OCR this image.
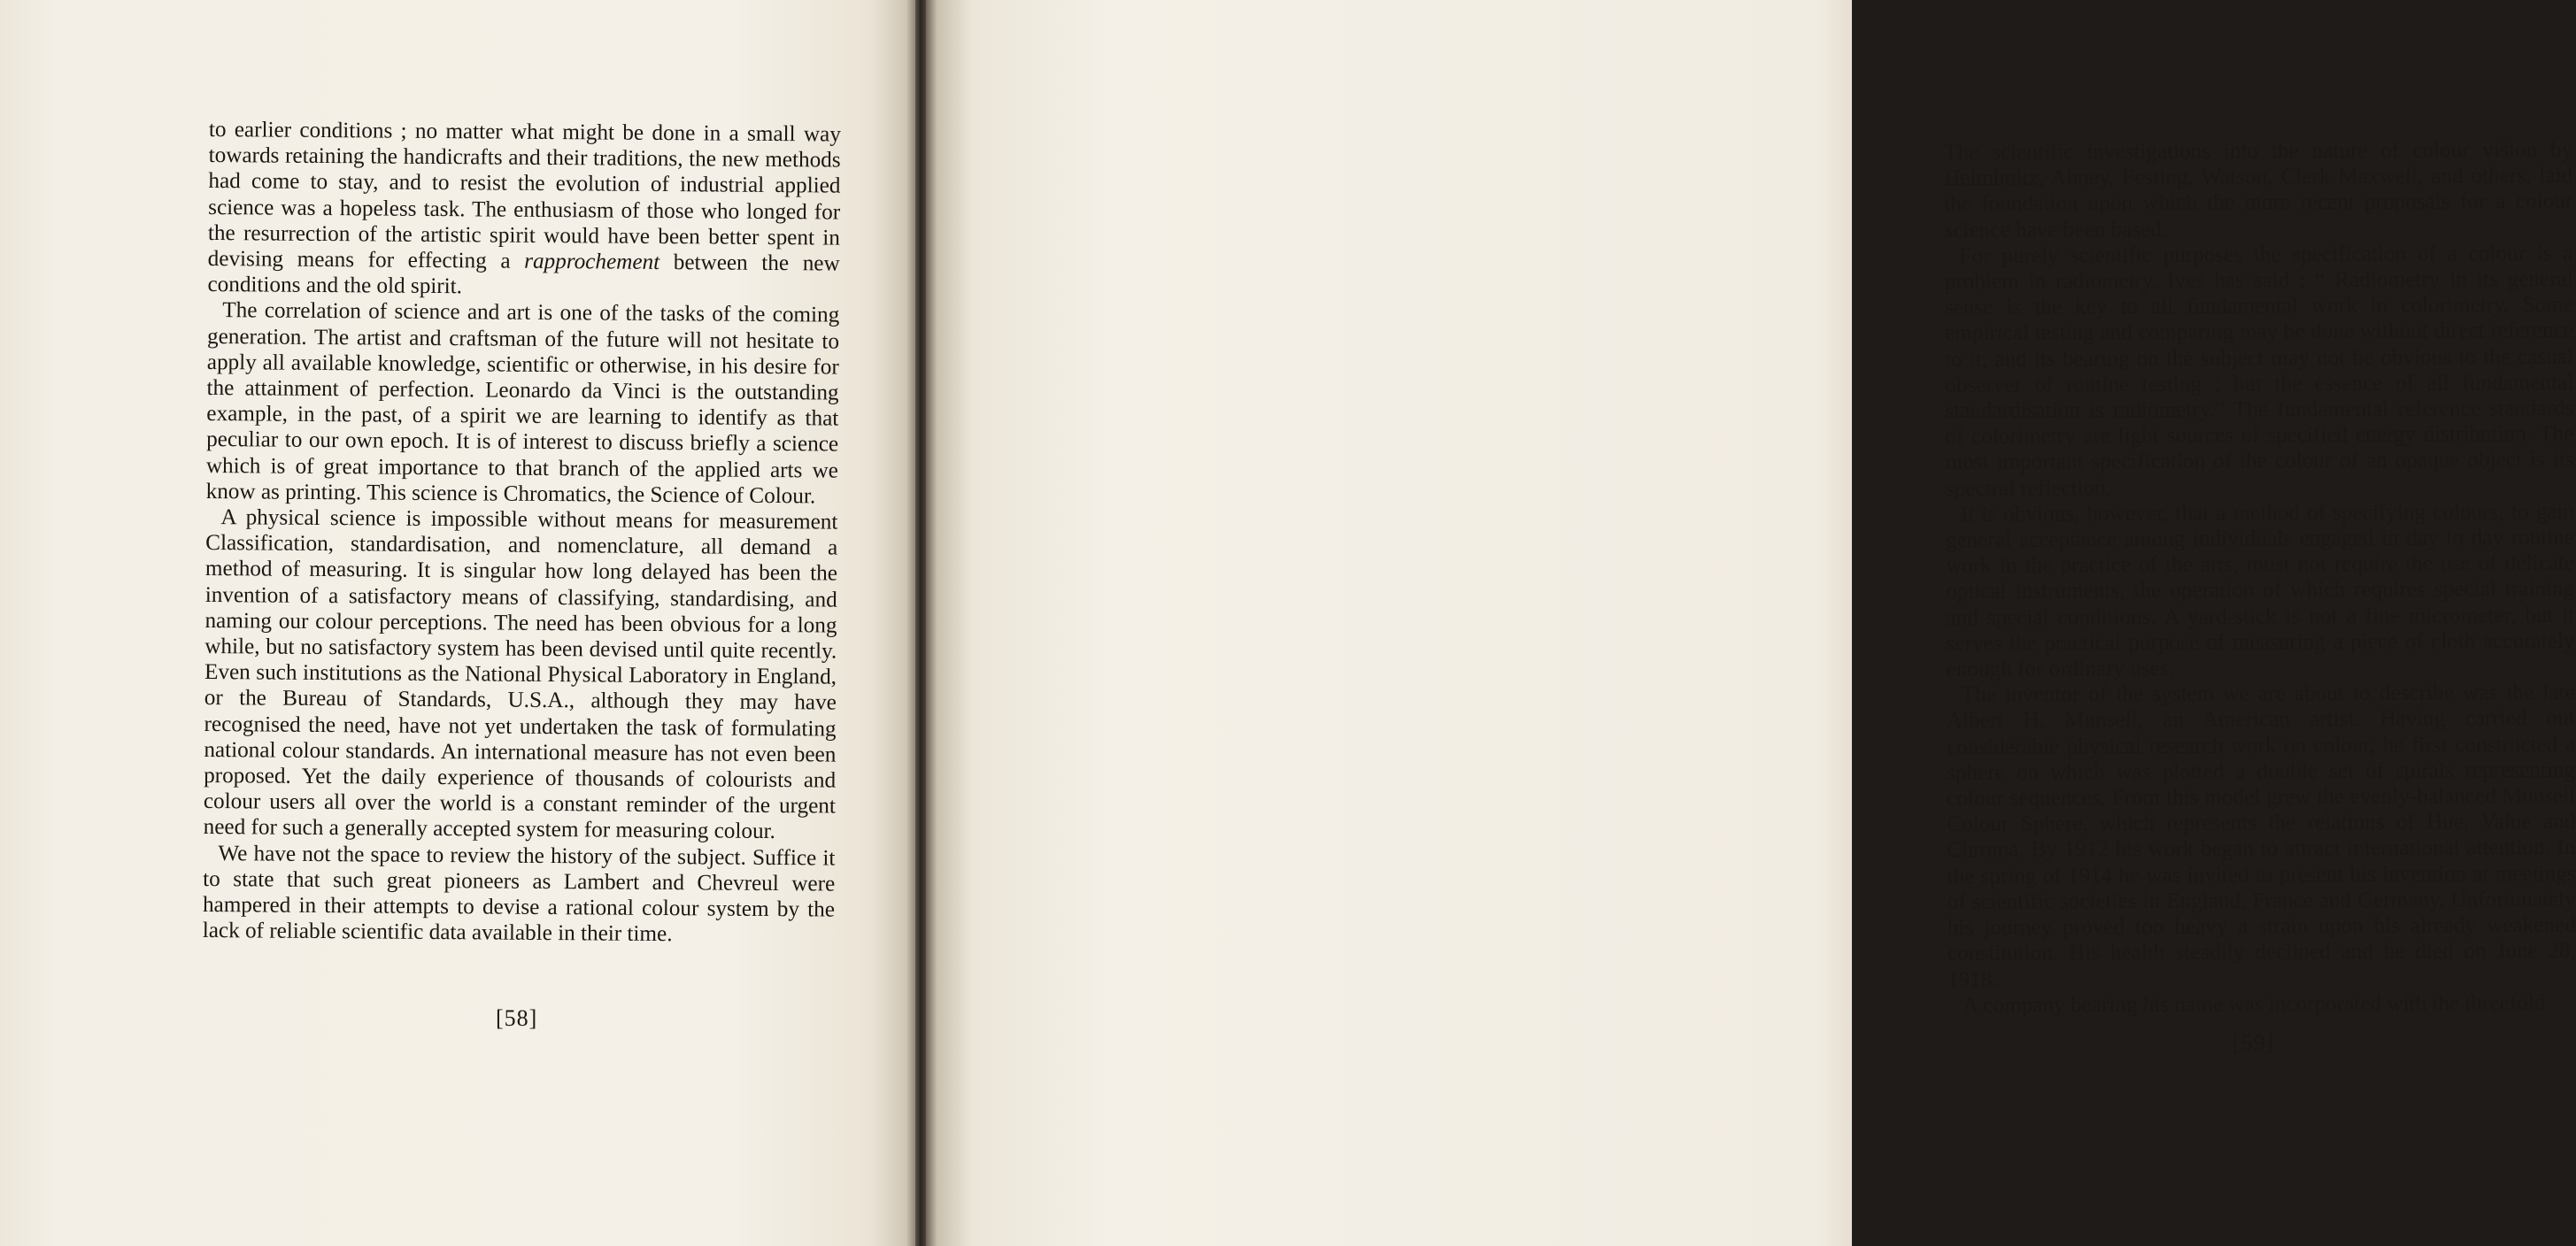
to earlier conditions ; no matter what might be done in a small way towards retaining the handicrafts and their traditions, the new methods had come to stay, and to resist the evolution of industrial applied science was a hopeless task. The enthusiasm of those who longed for the resurrection of the artistic spirit would have been better spent in devising means for effecting a rapprochement between the new conditions and the old spirit.

The correlation of science and art is one of the tasks of the coming generation. The artist and craftsman of the future will not hesitate to apply all available knowledge, scientific or otherwise, in his desire for the attainment of perfection. Leonardo da Vinci is the outstanding example, in the past, of a spirit we are learning to identify as that peculiar to our own epoch. It is of interest to discuss briefly a science which is of great importance to that branch of the applied arts we know as printing. This science is Chromatics, the Science of Colour.

A physical science is impossible without means for measurement Classification, standardisation, and nomenclature, all demand a method of measuring. It is singular how long delayed has been the invention of a satisfactory means of classifying, standardising, and naming our colour perceptions. The need has been obvious for a long while, but no satisfactory system has been devised until quite recently. Even such institutions as the National Physical Laboratory in England, or the Bureau of Standards, U.S.A., although they may have recognised the need, have not yet undertaken the task of formulating national colour standards. An international measure has not even been proposed. Yet the daily experience of thousands of colourists and colour users all over the world is a constant reminder of the urgent need for such a generally accepted system for measuring colour.

We have not the space to review the history of the subject. Suffice it to state that such great pioneers as Lambert and Chevreul were hampered in their attempts to devise a rational colour system by the lack of reliable scientific data available in their time.

[58]

The scientific investigations into the nature of colour vision by Helmholtz, Abney, Festing, Watson, Clerk Maxwell, and others, laid the foundation upon which the more recent proposals for a colour science have been based.

For purely scientific purposes the specification of a colour is a problem in radiometry. Ives has said : “ Radiometry in its general sense is the key to all fundamental work in colorimetry. Some empirical testing and comparing may be done without direct reference to it, and its bearing on the subject may not be obvious to the casual observer of routine testing ; but the essence of all fundamental standardisation is radiometry.” The fundamental reference standards of colorimetry are light sources of specified energy distribution. The most important specification of the colour of an opaque object is its spectral reflection.

It is obvious, however, that a method of specifying colours, to gain general acceptance among individuals engaged in day to day routine work in the practice of the arts, must not require the use of delicate optical instruments, the operation of which requires special training and special conditions. A yard-stick is not a fine micrometer, but it serves the practical purpose of measuring a piece of cloth accurately enough for ordinary uses.

The inventor of the system we are about to describe was the late Albert H. Munsell, an American artist. Having carried out considerable physical research work on colour, he first constructed a sphere on which was plotted a double set of spirals representing colour sequences. From this model grew the evenly-balanced Munsell Colour Sphere, which represents the relations of Hue, Value and Chroma. By 1912 his work began to attract international attention. In the spring of 1914 he was invited to present his invention at meetings of scientific societies in England, France and Germany. Unfortunately his journey proved too heavy a strain upon his already weakened constitution. His health steadily declined and he died on June 28, 1918.

A company bearing his name was incorporated with the threefold

[59]
